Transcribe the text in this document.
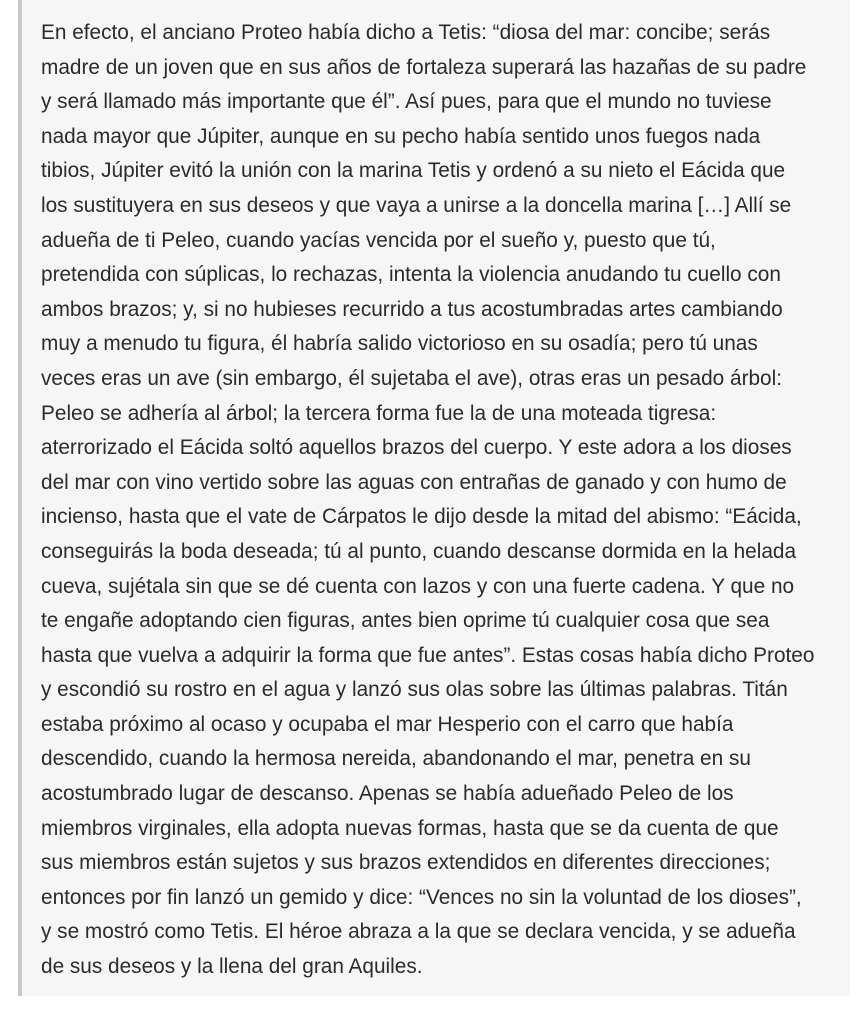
En efecto, el anciano Proteo había dicho a Tetis: “diosa del mar: concibe; serás
madre de un joven que en sus años de fortaleza superará las hazañas de su padre
y será llamado más importante que él”. Así pues, para que el mundo no tuviese
nada mayor que Júpiter, aunque en su pecho había sentido unos fuegos nada
tibios, Júpiter evitó la unión con la marina Tetis y ordenó a su nieto el Eácida que
los sustituyera en sus deseos y que vaya a unirse a la doncella marina […] Allí se
adueña de ti Peleo, cuando yacías vencida por el sueño y, puesto que tú,
pretendida con súplicas, lo rechazas, intenta la violencia anudando tu cuello con
ambos brazos; y, si no hubieses recurrido a tus acostumbradas artes cambiando
muy a menudo tu figura, él habría salido victorioso en su osadía; pero tú unas
veces eras un ave (sin embargo, él sujetaba el ave), otras eras un pesado árbol:
Peleo se adhería al árbol; la tercera forma fue la de una moteada tigresa:
aterrorizado el Eácida soltó aquellos brazos del cuerpo. Y este adora a los dioses
del mar con vino vertido sobre las aguas con entrañas de ganado y con humo de
incienso, hasta que el vate de Cárpatos le dijo desde la mitad del abismo: “Eácida,
conseguirás la boda deseada; tú al punto, cuando descanse dormida en la helada
cueva, sujétala sin que se dé cuenta con lazos y con una fuerte cadena. Y que no
te engañe adoptando cien figuras, antes bien oprime tú cualquier cosa que sea
hasta que vuelva a adquirir la forma que fue antes”. Estas cosas había dicho Proteo
y escondió su rostro en el agua y lanzó sus olas sobre las últimas palabras. Titán
estaba próximo al ocaso y ocupaba el mar Hesperio con el carro que había
descendido, cuando la hermosa nereida, abandonando el mar, penetra en su
acostumbrado lugar de descanso. Apenas se había adueñado Peleo de los
miembros virginales, ella adopta nuevas formas, hasta que se da cuenta de que
sus miembros están sujetos y sus brazos extendidos en diferentes direcciones;
entonces por fin lanzó un gemido y dice: “Vences no sin la voluntad de los dioses”,
y se mostró como Tetis. El héroe abraza a la que se declara vencida, y se adueña
de sus deseos y la llena del gran Aquiles.
